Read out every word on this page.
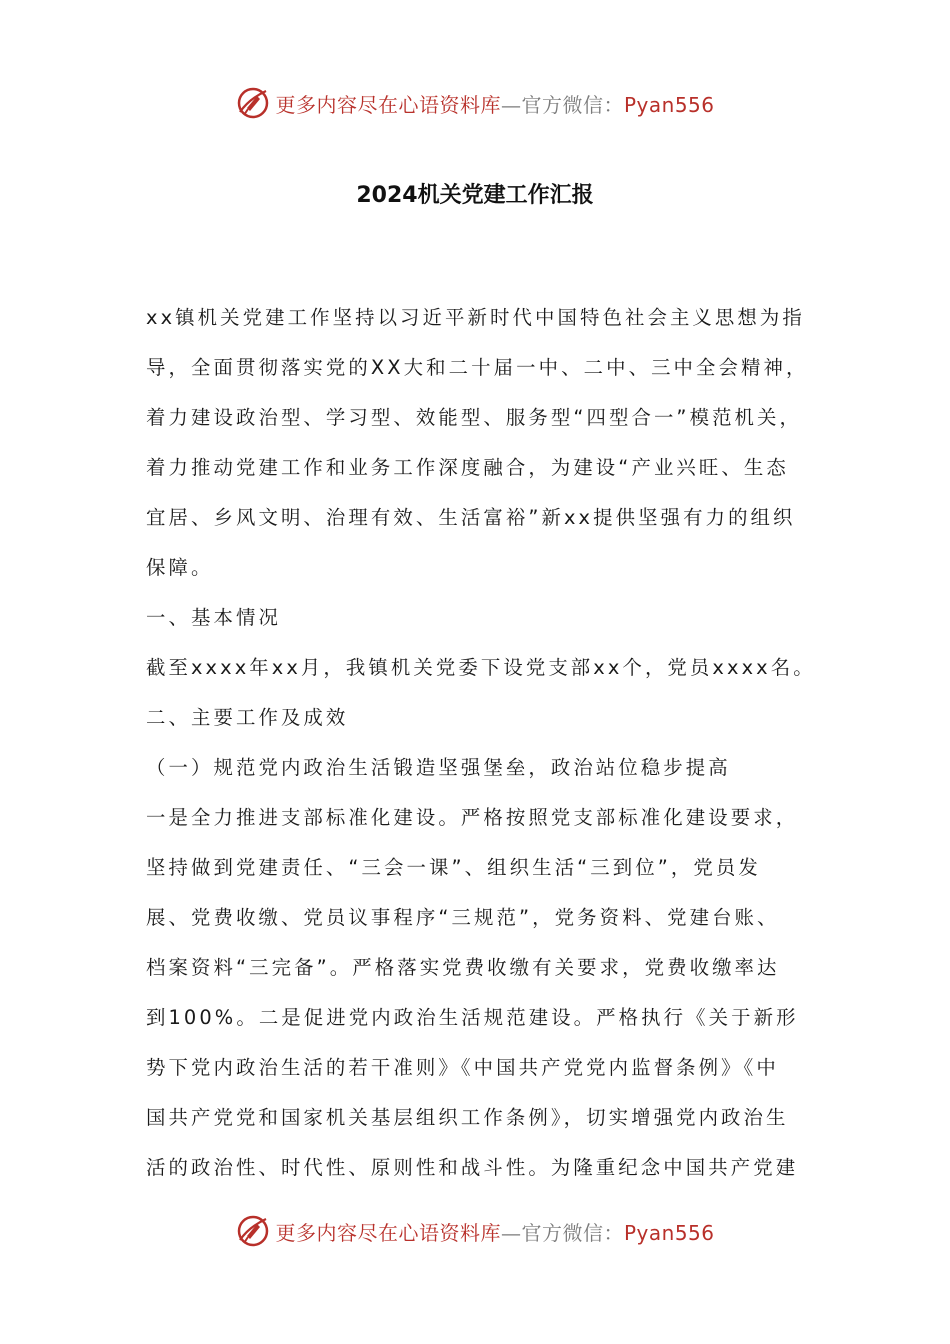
更多内容尽在心语资料库—官方微信：Pyan556
2024机关党建工作汇报
xx镇机关党建工作坚持以习近平新时代中国特色社会主义思想为指
导，全面贯彻落实党的XX大和二十届一中、二中、三中全会精神，
着力建设政治型、学习型、效能型、服务型“四型合一”模范机关，
着力推动党建工作和业务工作深度融合，为建设“产业兴旺、生态
宜居、乡风文明、治理有效、生活富裕”新xx提供坚强有力的组织
保障。
一、基本情况
截至xxxx年xx月，我镇机关党委下设党支部xx个，党员xxxx名。
二、主要工作及成效
（一）规范党内政治生活锻造坚强堡垒，政治站位稳步提高
一是全力推进支部标准化建设。严格按照党支部标准化建设要求，
坚持做到党建责任、“三会一课”、组织生活“三到位”，党员发
展、党费收缴、党员议事程序“三规范”，党务资料、党建台账、
档案资料“三完备”。严格落实党费收缴有关要求，党费收缴率达
到100%。二是促进党内政治生活规范建设。严格执行《关于新形
势下党内政治生活的若干准则》《中国共产党党内监督条例》《中
国共产党党和国家机关基层组织工作条例》，切实增强党内政治生
活的政治性、时代性、原则性和战斗性。为隆重纪念中国共产党建
更多内容尽在心语资料库—官方微信：Pyan556
